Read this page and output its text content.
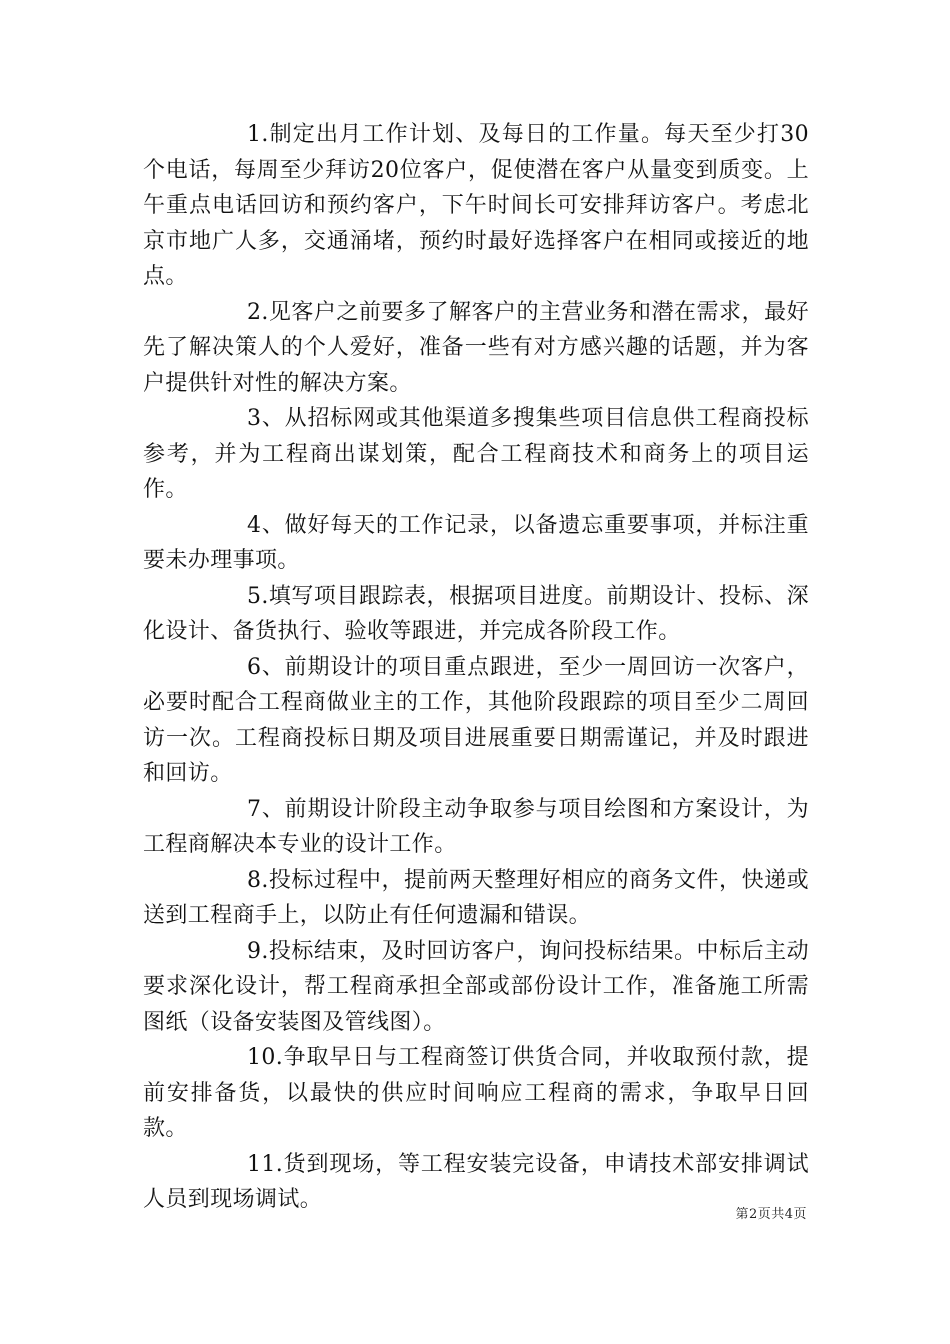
1.制定出月工作计划、及每日的工作量。每天至少打30个电话，每周至少拜访20位客户，促使潜在客户从量变到质变。上午重点电话回访和预约客户，下午时间长可安排拜访客户。考虑北京市地广人多，交通涌堵，预约时最好选择客户在相同或接近的地点。

2.见客户之前要多了解客户的主营业务和潜在需求，最好先了解决策人的个人爱好，准备一些有对方感兴趣的话题，并为客户提供针对性的解决方案。

3、从招标网或其他渠道多搜集些项目信息供工程商投标参考，并为工程商出谋划策，配合工程商技术和商务上的项目运作。

4、做好每天的工作记录，以备遗忘重要事项，并标注重要未办理事项。

5.填写项目跟踪表，根据项目进度。前期设计、投标、深化设计、备货执行、验收等跟进，并完成各阶段工作。

6、前期设计的项目重点跟进，至少一周回访一次客户，必要时配合工程商做业主的工作，其他阶段跟踪的项目至少二周回访一次。工程商投标日期及项目进展重要日期需谨记，并及时跟进和回访。

7、前期设计阶段主动争取参与项目绘图和方案设计，为工程商解决本专业的设计工作。

8.投标过程中，提前两天整理好相应的商务文件，快递或送到工程商手上，以防止有任何遗漏和错误。

9.投标结束，及时回访客户，询问投标结果。中标后主动要求深化设计，帮工程商承担全部或部份设计工作，准备施工所需图纸（设备安装图及管线图）。

10.争取早日与工程商签订供货合同，并收取预付款，提前安排备货，以最快的供应时间响应工程商的需求，争取早日回款。

11.货到现场，等工程安装完设备，申请技术部安排调试人员到现场调试。

第2页共4页
